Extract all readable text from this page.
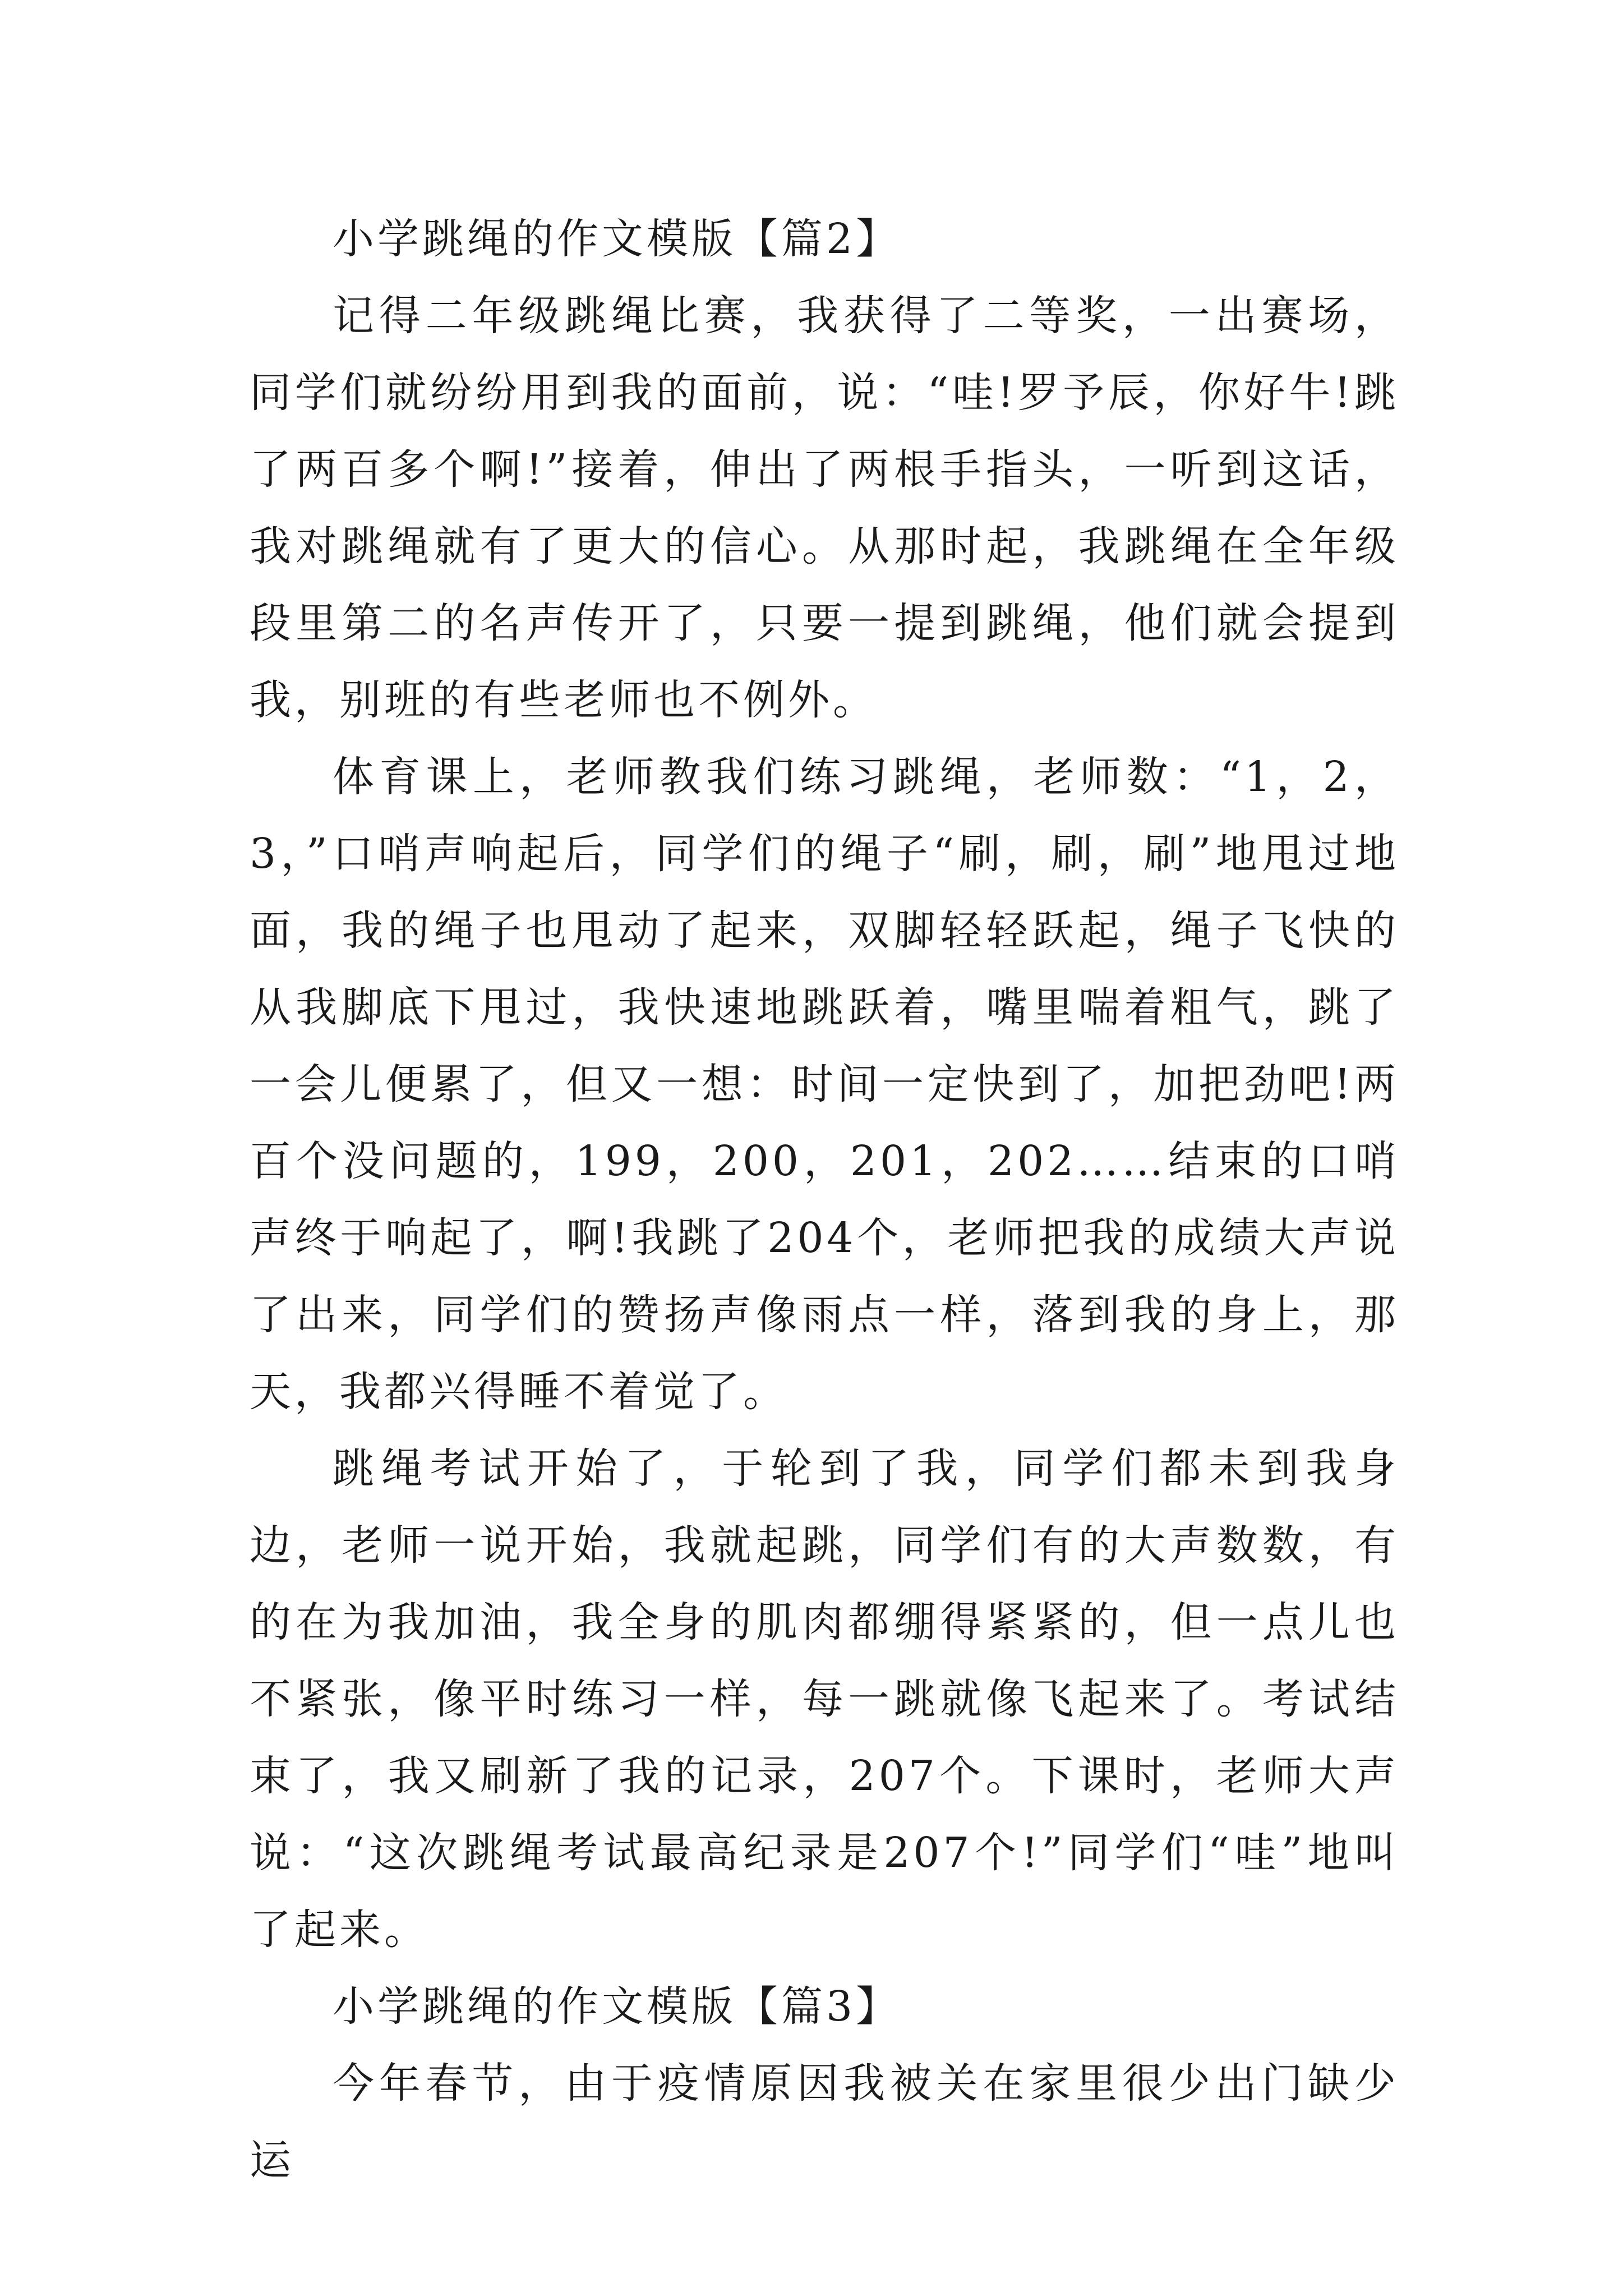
小学跳绳的作文模版【篇2】

记得二年级跳绳比赛，我获得了二等奖，一出赛场，同学们就纷纷用到我的面前，说：“哇!罗予辰，你好牛!跳了两百多个啊!”接着，伸出了两根手指头，一听到这话，我对跳绳就有了更大的信心。从那时起，我跳绳在全年级段里第二的名声传开了，只要一提到跳绳，他们就会提到我，别班的有些老师也不例外。

体育课上，老师教我们练习跳绳，老师数：“1，2，3，”口哨声响起后，同学们的绳子“刷，刷，刷”地甩过地面，我的绳子也甩动了起来，双脚轻轻跃起，绳子飞快的从我脚底下甩过，我快速地跳跃着，嘴里喘着粗气，跳了一会儿便累了，但又一想：时间一定快到了，加把劲吧!两百个没问题的，199，200，201，202……结束的口哨声终于响起了，啊!我跳了204个，老师把我的成绩大声说了出来，同学们的赞扬声像雨点一样，落到我的身上，那天，我都兴得睡不着觉了。

跳绳考试开始了，于轮到了我，同学们都未到我身边，老师一说开始，我就起跳，同学们有的大声数数，有的在为我加油，我全身的肌肉都绷得紧紧的，但一点儿也不紧张，像平时练习一样，每一跳就像飞起来了。考试结束了，我又刷新了我的记录，207个。下课时，老师大声说：“这次跳绳考试最高纪录是207个!”同学们“哇”地叫了起来。

小学跳绳的作文模版【篇3】

今年春节，由于疫情原因我被关在家里很少出门缺少运
